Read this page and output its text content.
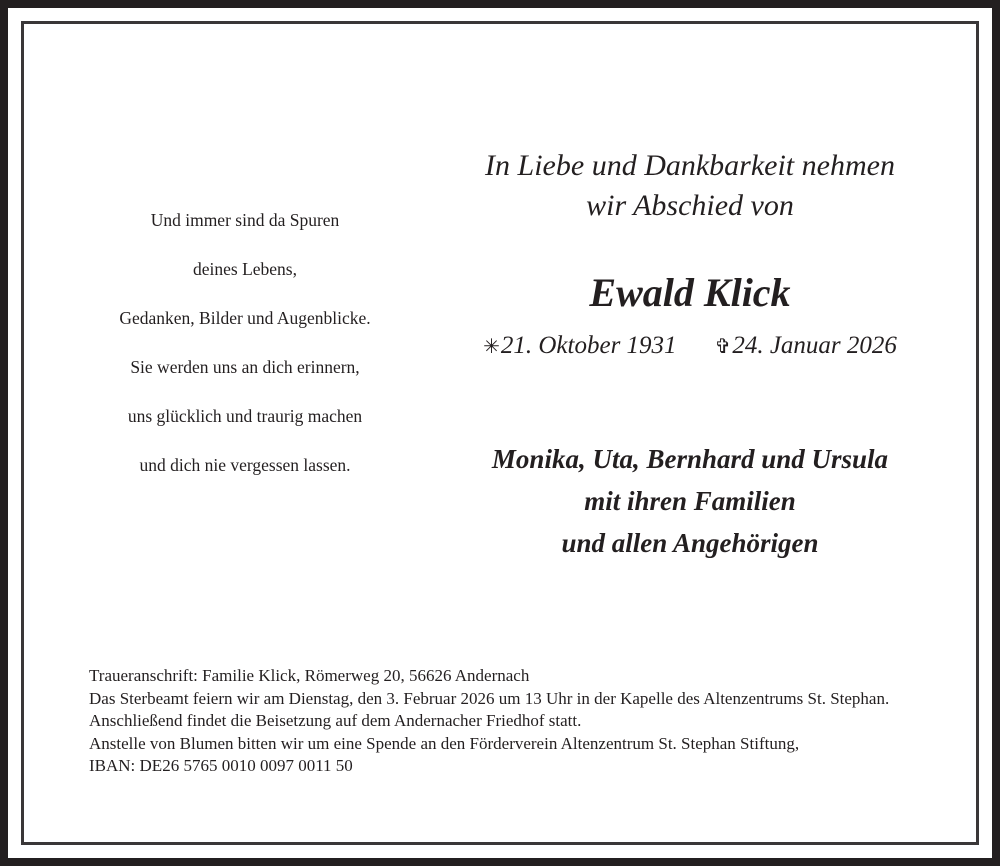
Und immer sind da Spuren
deines Lebens,
Gedanken, Bilder und Augenblicke.
Sie werden uns an dich erinnern,
uns glücklich und traurig machen
und dich nie vergessen lassen.
In Liebe und Dankbarkeit nehmen
wir Abschied von
Ewald Klick
✳21. Oktober 1931 ✞24. Januar 2026
Monika, Uta, Bernhard und Ursula
mit ihren Familien
und allen Angehörigen
Traueranschrift: Familie Klick, Römerweg 20, 56626 Andernach
Das Sterbeamt feiern wir am Dienstag, den 3. Februar 2026 um 13 Uhr in der Kapelle des Altenzentrums St. Stephan.
Anschließend findet die Beisetzung auf dem Andernacher Friedhof statt.
Anstelle von Blumen bitten wir um eine Spende an den Förderverein Altenzentrum St. Stephan Stiftung,
IBAN: DE26 5765 0010 0097 0011 50
